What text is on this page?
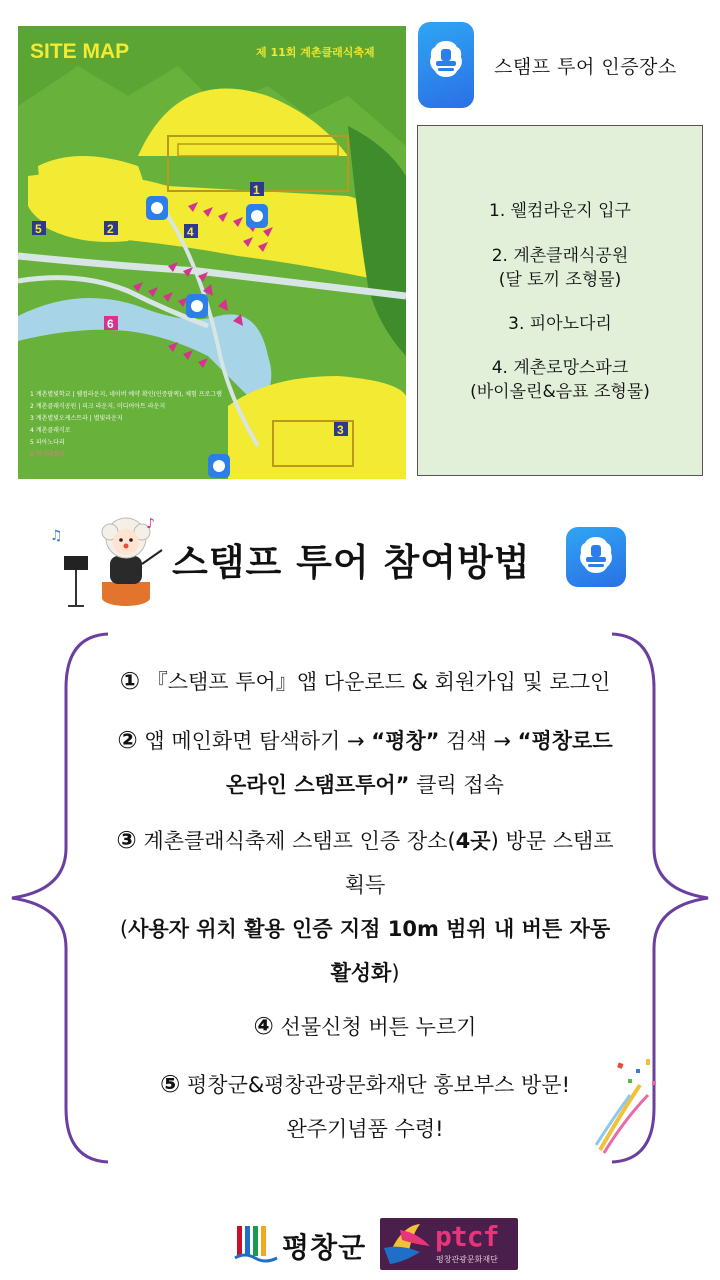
1
2
3
4
5
6
SITE MAP	제 11회 계촌클래식축제
1 계촌별빛학교 | 웰컴라운지, 네이버 예약 확인(인증팔찌), 체험 프로그램
2 계촌클래식공원 | 피크 라운지, 미디어아트 라운지
3 계촌별빛오케스트라 | 별빛라운지
4 계촌클래식로
5 피아노다리
6 먹거리장터
스탬프 투어 인증장소
1. 웰컴라운지 입구
2. 계촌클래식공원
(달 토끼 조형물)
3. 피아노다리
4. 계촌로망스파크
(바이올린&음표 조형물)
♪
♫
스탬프 투어 참여방법
① 『스탬프 투어』앱 다운로드 & 회원가입 및 로그인
② 앱 메인화면 탐색하기 → “평창” 검색 → “평창로드
온라인 스탬프투어” 클릭 접속
③ 계촌클래식축제 스탬프 인증 장소(4곳) 방문 스탬프
획득
(사용자 위치 활용 인증 지점 10m 범위 내 버튼 자동
활성화)
④ 선물신청 버튼 누르기
⑤ 평창군&평창관광문화재단 홍보부스 방문!
완주기념품 수령!
평창군	평창관광문화재단
ptcf
